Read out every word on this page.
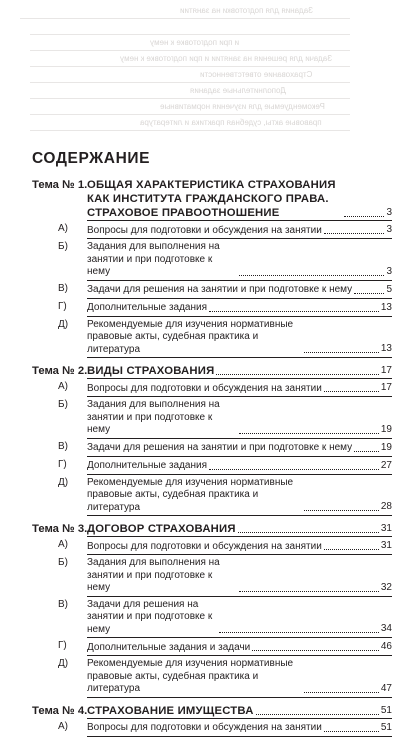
Задания для подготовки на занятии
и при подготовке к нему
Задачи для решения на занятии и при подготовке к нему
Дополнительные задания
Рекомендуемые для изучения нормативные
правовые акты, судебная практика и литература
Страхование ответственности
СОДЕРЖАНИЕ
Тема № 1. ОБЩАЯ ХАРАКТЕРИСТИКА СТРАХОВАНИЯ КАК ИНСТИТУТА ГРАЖДАНСКОГО ПРАВА. СТРАХОВОЕ ПРАВООТНОШЕНИЕ	3
А) Вопросы для подготовки и обсуждения на занятии	3
Б) Задания для выполнения на занятии и при подготовке к нему	3
В) Задачи для решения на занятии и при подготовке к нему	5
Г) Дополнительные задания	13
Д) Рекомендуемые для изучения нормативные правовые акты, судебная практика и литература	13
Тема № 2. ВИДЫ СТРАХОВАНИЯ	17
А) Вопросы для подготовки и обсуждения на занятии	17
Б) Задания для выполнения на занятии и при подготовке к нему	19
В) Задачи для решения на занятии и при подготовке к нему	19
Г) Дополнительные задания	27
Д) Рекомендуемые для изучения нормативные правовые акты, судебная практика и литература	28
Тема № 3. ДОГОВОР СТРАХОВАНИЯ	31
А) Вопросы для подготовки и обсуждения на занятии	31
Б) Задания для выполнения на занятии и при подготовке к нему	32
В) Задачи для решения на занятии и при подготовке к нему	34
Г) Дополнительные задания и задачи	46
Д) Рекомендуемые для изучения нормативные правовые акты, судебная практика и литература	47
Тема № 4. СТРАХОВАНИЕ ИМУЩЕСТВА	51
А) Вопросы для подготовки и обсуждения на занятии	51
